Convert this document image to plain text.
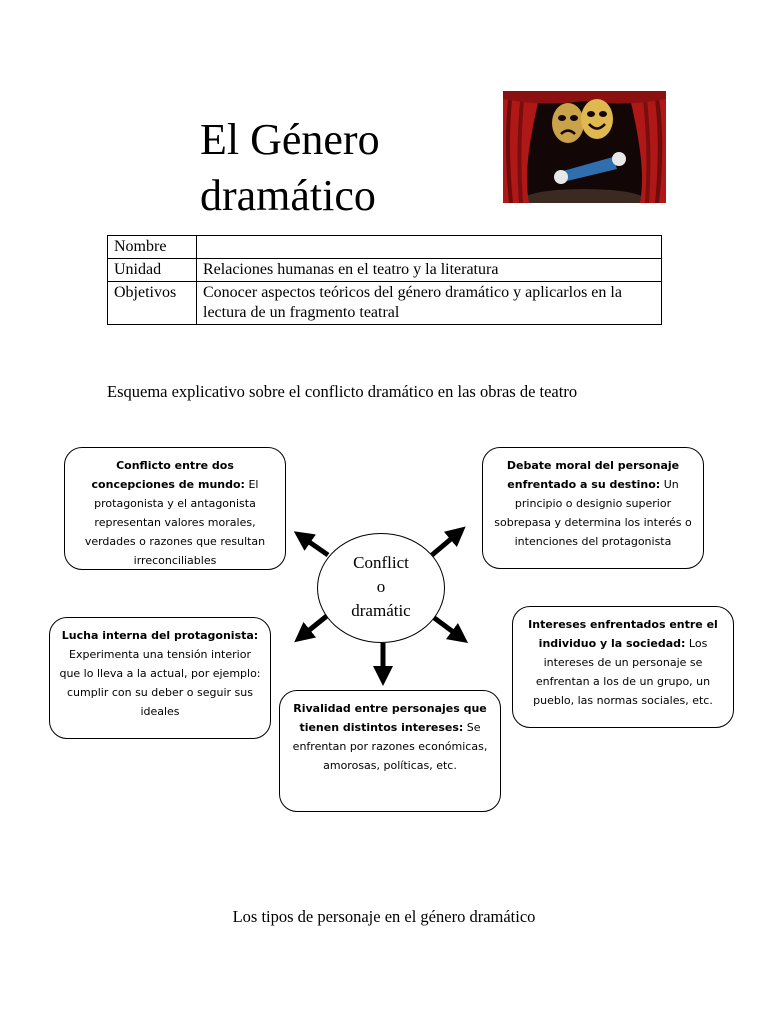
El Género
dramático
Nombre	
Unidad	Relaciones humanas en el teatro y la literatura
Objetivos	Conocer aspectos teóricos del género dramático y aplicarlos en la lectura de un fragmento teatral
Esquema explicativo sobre el conflicto dramático en las obras de teatro
Conflict
o
dramátic
Conflicto entre dos concepciones de mundo: El protagonista y el antagonista representan valores morales, verdades o razones que resultan irreconciliables
Debate moral del personaje enfrentado a su destino: Un principio o designio superior sobrepasa y determina los interés o intenciones del protagonista
Lucha interna del protagonista: Experimenta una tensión interior que lo lleva a la actual, por ejemplo: cumplir con su deber o seguir sus ideales
Intereses enfrentados entre el individuo y la sociedad: Los intereses de un personaje se enfrentan a los de un grupo, un pueblo, las normas sociales, etc.
Rivalidad entre personajes que tienen distintos intereses: Se enfrentan por razones económicas, amorosas, políticas, etc.
Los tipos de personaje en el género dramático
